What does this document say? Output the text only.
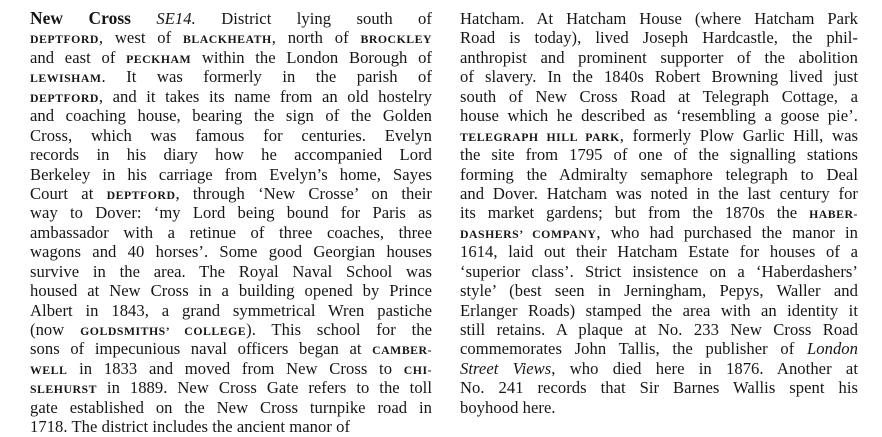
New Cross SE14. District lying south of
DEPTFORD, west of BLACKHEATH, north of BROCKLEY
and east of PECKHAM within the London Borough of
LEWISHAM. It was formerly in the parish of
DEPTFORD, and it takes its name from an old hostelry
and coaching house, bearing the sign of the Golden
Cross, which was famous for centuries. Evelyn
records in his diary how he accompanied Lord
Berkeley in his carriage from Evelyn’s home, Sayes
Court at DEPTFORD, through ‘New Crosse’ on their
way to Dover: ‘my Lord being bound for Paris as
ambassador with a retinue of three coaches, three
wagons and 40 horses’. Some good Georgian houses
survive in the area. The Royal Naval School was
housed at New Cross in a building opened by Prince
Albert in 1843, a grand symmetrical Wren pastiche
(now GOLDSMITHS’ COLLEGE). This school for the
sons of impecunious naval officers began at CAMBER-
WELL in 1833 and moved from New Cross to CHI-
SLEHURST in 1889. New Cross Gate refers to the toll
gate established on the New Cross turnpike road in
1718. The district includes the ancient manor of
Hatcham. At Hatcham House (where Hatcham Park
Road is today), lived Joseph Hardcastle, the phil-
anthropist and prominent supporter of the abolition
of slavery. In the 1840s Robert Browning lived just
south of New Cross Road at Telegraph Cottage, a
house which he described as ‘resembling a goose pie’.
TELEGRAPH HILL PARK, formerly Plow Garlic Hill, was
the site from 1795 of one of the signalling stations
forming the Admiralty semaphore telegraph to Deal
and Dover. Hatcham was noted in the last century for
its market gardens; but from the 1870s the HABER-
DASHERS’ COMPANY, who had purchased the manor in
1614, laid out their Hatcham Estate for houses of a
‘superior class’. Strict insistence on a ‘Haberdashers’
style’ (best seen in Jerningham, Pepys, Waller and
Erlanger Roads) stamped the area with an identity it
still retains. A plaque at No. 233 New Cross Road
commemorates John Tallis, the publisher of London
Street Views, who died here in 1876. Another at
No. 241 records that Sir Barnes Wallis spent his
boyhood here.
